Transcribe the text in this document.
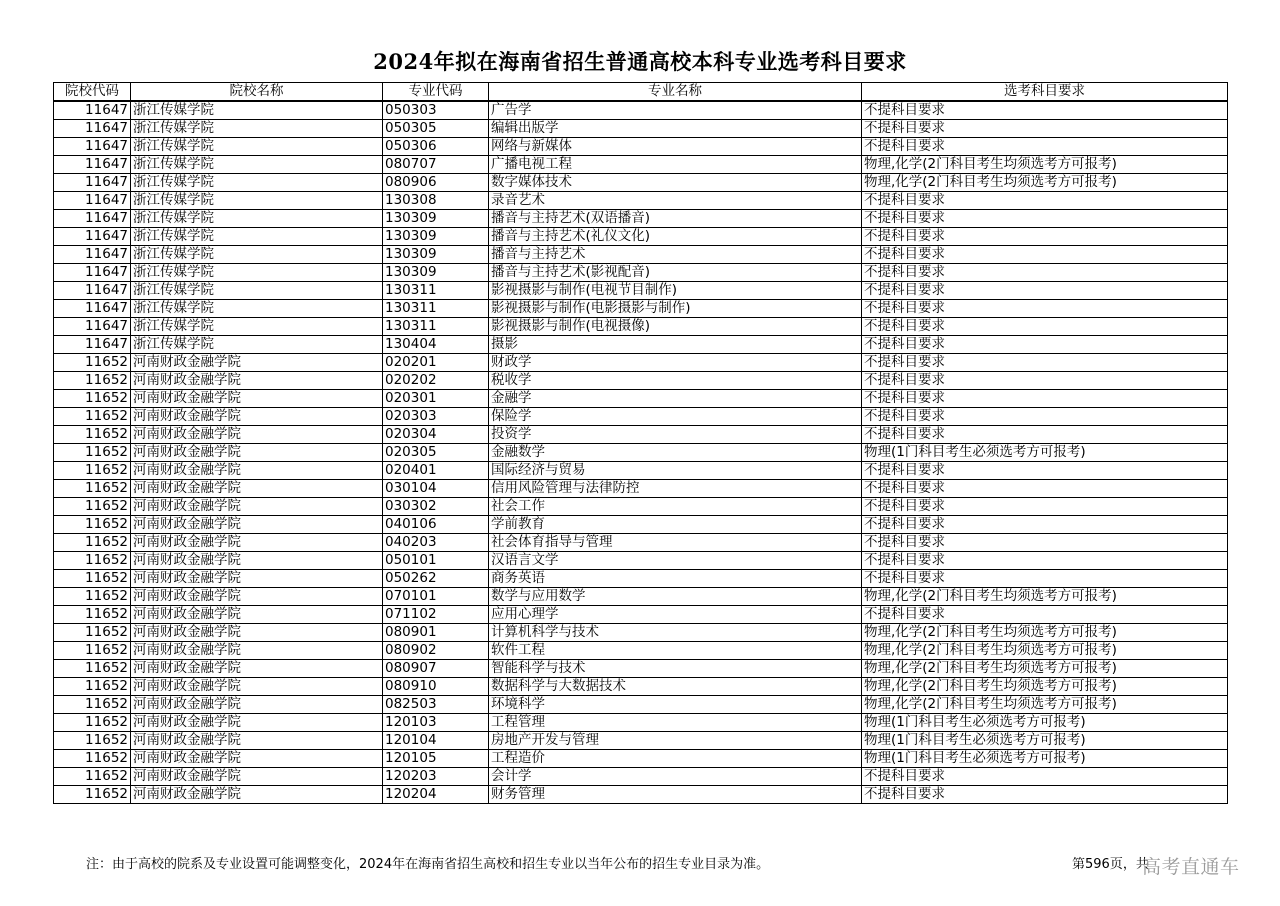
2024年拟在海南省招生普通高校本科专业选考科目要求
院校代码	院校名称	专业代码	专业名称	选考科目要求
11647	浙江传媒学院	050303	广告学	不提科目要求
11647	浙江传媒学院	050305	编辑出版学	不提科目要求
11647	浙江传媒学院	050306	网络与新媒体	不提科目要求
11647	浙江传媒学院	080707	广播电视工程	物理,化学(2门科目考生均须选考方可报考)
11647	浙江传媒学院	080906	数字媒体技术	物理,化学(2门科目考生均须选考方可报考)
11647	浙江传媒学院	130308	录音艺术	不提科目要求
11647	浙江传媒学院	130309	播音与主持艺术(双语播音)	不提科目要求
11647	浙江传媒学院	130309	播音与主持艺术(礼仪文化)	不提科目要求
11647	浙江传媒学院	130309	播音与主持艺术	不提科目要求
11647	浙江传媒学院	130309	播音与主持艺术(影视配音)	不提科目要求
11647	浙江传媒学院	130311	影视摄影与制作(电视节目制作)	不提科目要求
11647	浙江传媒学院	130311	影视摄影与制作(电影摄影与制作)	不提科目要求
11647	浙江传媒学院	130311	影视摄影与制作(电视摄像)	不提科目要求
11647	浙江传媒学院	130404	摄影	不提科目要求
11652	河南财政金融学院	020201	财政学	不提科目要求
11652	河南财政金融学院	020202	税收学	不提科目要求
11652	河南财政金融学院	020301	金融学	不提科目要求
11652	河南财政金融学院	020303	保险学	不提科目要求
11652	河南财政金融学院	020304	投资学	不提科目要求
11652	河南财政金融学院	020305	金融数学	物理(1门科目考生必须选考方可报考)
11652	河南财政金融学院	020401	国际经济与贸易	不提科目要求
11652	河南财政金融学院	030104	信用风险管理与法律防控	不提科目要求
11652	河南财政金融学院	030302	社会工作	不提科目要求
11652	河南财政金融学院	040106	学前教育	不提科目要求
11652	河南财政金融学院	040203	社会体育指导与管理	不提科目要求
11652	河南财政金融学院	050101	汉语言文学	不提科目要求
11652	河南财政金融学院	050262	商务英语	不提科目要求
11652	河南财政金融学院	070101	数学与应用数学	物理,化学(2门科目考生均须选考方可报考)
11652	河南财政金融学院	071102	应用心理学	不提科目要求
11652	河南财政金融学院	080901	计算机科学与技术	物理,化学(2门科目考生均须选考方可报考)
11652	河南财政金融学院	080902	软件工程	物理,化学(2门科目考生均须选考方可报考)
11652	河南财政金融学院	080907	智能科学与技术	物理,化学(2门科目考生均须选考方可报考)
11652	河南财政金融学院	080910	数据科学与大数据技术	物理,化学(2门科目考生均须选考方可报考)
11652	河南财政金融学院	082503	环境科学	物理,化学(2门科目考生均须选考方可报考)
11652	河南财政金融学院	120103	工程管理	物理(1门科目考生必须选考方可报考)
11652	河南财政金融学院	120104	房地产开发与管理	物理(1门科目考生必须选考方可报考)
11652	河南财政金融学院	120105	工程造价	物理(1门科目考生必须选考方可报考)
11652	河南财政金融学院	120203	会计学	不提科目要求
11652	河南财政金融学院	120204	财务管理	不提科目要求

注：由于高校的院系及专业设置可能调整变化，2024年在海南省招生高校和招生专业以当年公布的招生专业目录为准。	第596页，共

高考直通车
